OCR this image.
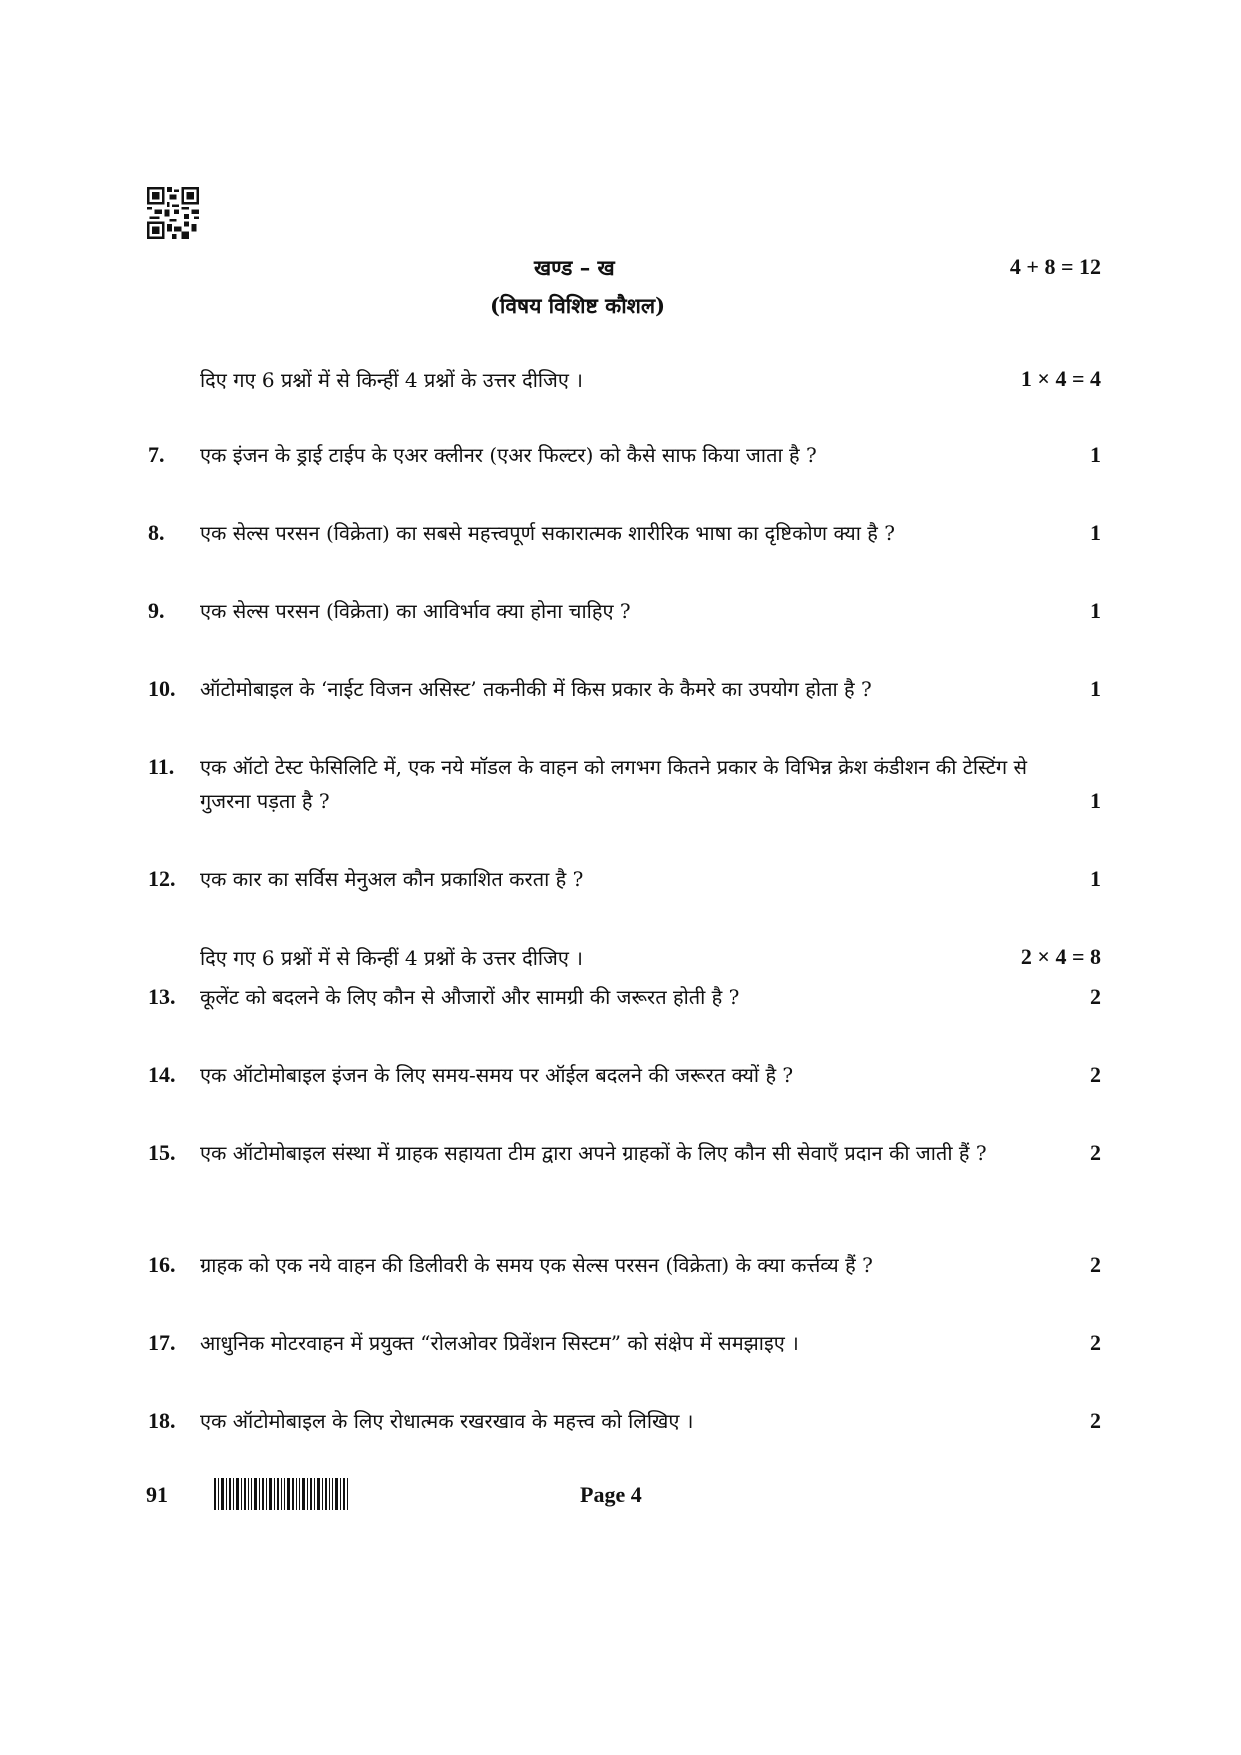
खण्ड – ख
(विषय विशिष्ट कौशल)
4 + 8 = 12
दिए गए 6 प्रश्नों में से किन्हीं 4 प्रश्नों के उत्तर दीजिए ।	1 × 4 = 4
7.	एक इंजन के ड्राई टाईप के एअर क्लीनर (एअर फिल्टर) को कैसे साफ किया जाता है ?	1
8.	एक सेल्स परसन (विक्रेता) का सबसे महत्त्वपूर्ण सकारात्मक शारीरिक भाषा का दृष्टिकोण क्या है ?	1
9.	एक सेल्स परसन (विक्रेता) का आविर्भाव क्या होना चाहिए ?	1
10.	ऑटोमोबाइल के ‘नाईट विजन असिस्ट’ तकनीकी में किस प्रकार के कैमरे का उपयोग होता है ?	1
11.	एक ऑटो टेस्ट फेसिलिटि में, एक नये मॉडल के वाहन को लगभग कितने प्रकार के विभिन्न क्रेश कंडीशन की टेस्टिंग से गुजरना पड़ता है ?	1
12.	एक कार का सर्विस मेनुअल कौन प्रकाशित करता है ?	1
दिए गए 6 प्रश्नों में से किन्हीं 4 प्रश्नों के उत्तर दीजिए ।	2 × 4 = 8
13.	कूलेंट को बदलने के लिए कौन से औजारों और सामग्री की जरूरत होती है ?	2
14.	एक ऑटोमोबाइल इंजन के लिए समय-समय पर ऑईल बदलने की जरूरत क्यों है ?	2
15.	एक ऑटोमोबाइल संस्था में ग्राहक सहायता टीम द्वारा अपने ग्राहकों के लिए कौन सी सेवाएँ प्रदान की जाती हैं ?	2
16.	ग्राहक को एक नये वाहन की डिलीवरी के समय एक सेल्स परसन (विक्रेता) के क्या कर्त्तव्य हैं ?	2
17.	आधुनिक मोटरवाहन में प्रयुक्त “रोलओवर प्रिवेंशन सिस्टम” को संक्षेप में समझाइए ।	2
18.	एक ऑटोमोबाइल के लिए रोधात्मक रखरखाव के महत्त्व को लिखिए ।	2
91	Page 4
